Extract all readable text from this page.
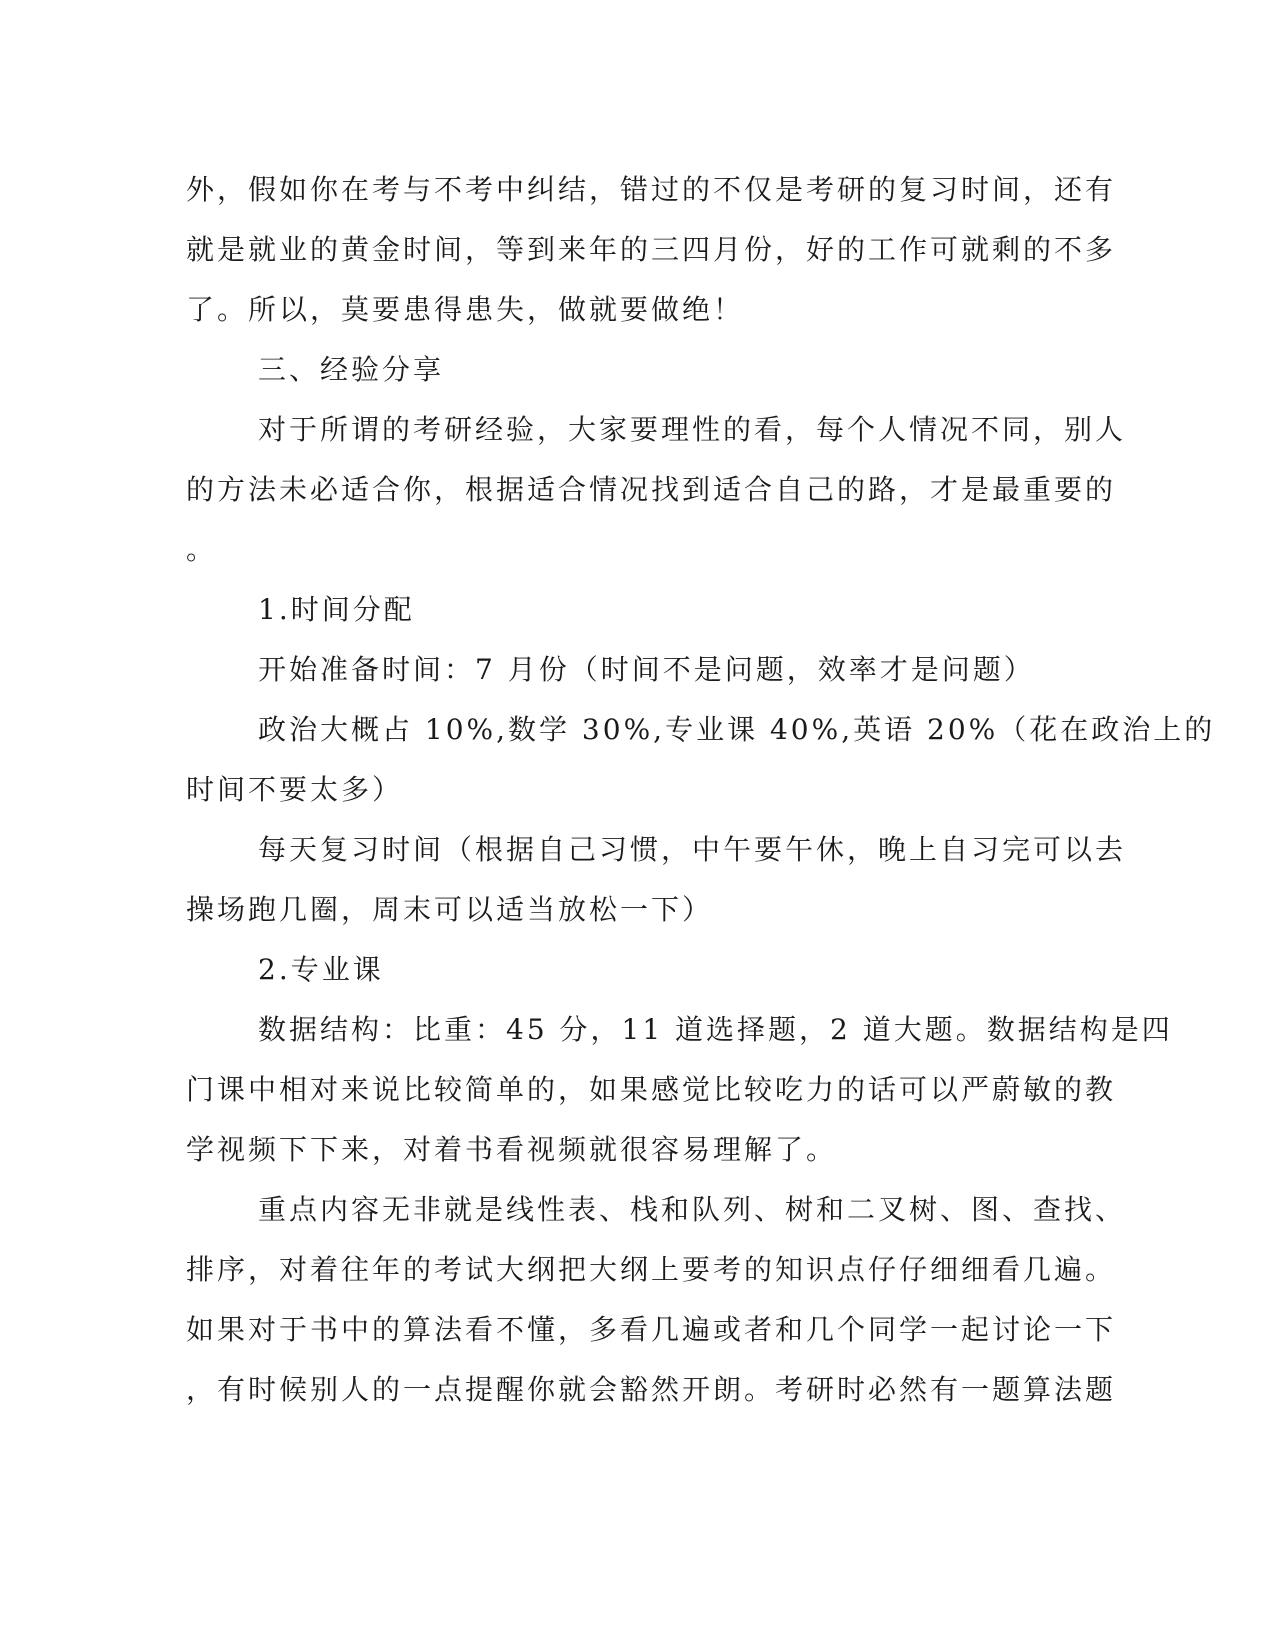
外，假如你在考与不考中纠结，错过的不仅是考研的复习时间，还有
就是就业的黄金时间，等到来年的三四月份，好的工作可就剩的不多
了。所以，莫要患得患失，做就要做绝！
三、经验分享
对于所谓的考研经验，大家要理性的看，每个人情况不同，别人
的方法未必适合你，根据适合情况找到适合自己的路，才是最重要的
。
1.时间分配
开始准备时间：7 月份（时间不是问题，效率才是问题）
政治大概占 10%,数学 30%,专业课 40%,英语 20%（花在政治上的
时间不要太多）
每天复习时间（根据自己习惯，中午要午休，晚上自习完可以去
操场跑几圈，周末可以适当放松一下）
2.专业课
数据结构：比重：45 分，11 道选择题，2 道大题。数据结构是四
门课中相对来说比较简单的，如果感觉比较吃力的话可以严蔚敏的教
学视频下下来，对着书看视频就很容易理解了。
重点内容无非就是线性表、栈和队列、树和二叉树、图、查找、
排序，对着往年的考试大纲把大纲上要考的知识点仔仔细细看几遍。
如果对于书中的算法看不懂，多看几遍或者和几个同学一起讨论一下
，有时候别人的一点提醒你就会豁然开朗。考研时必然有一题算法题
